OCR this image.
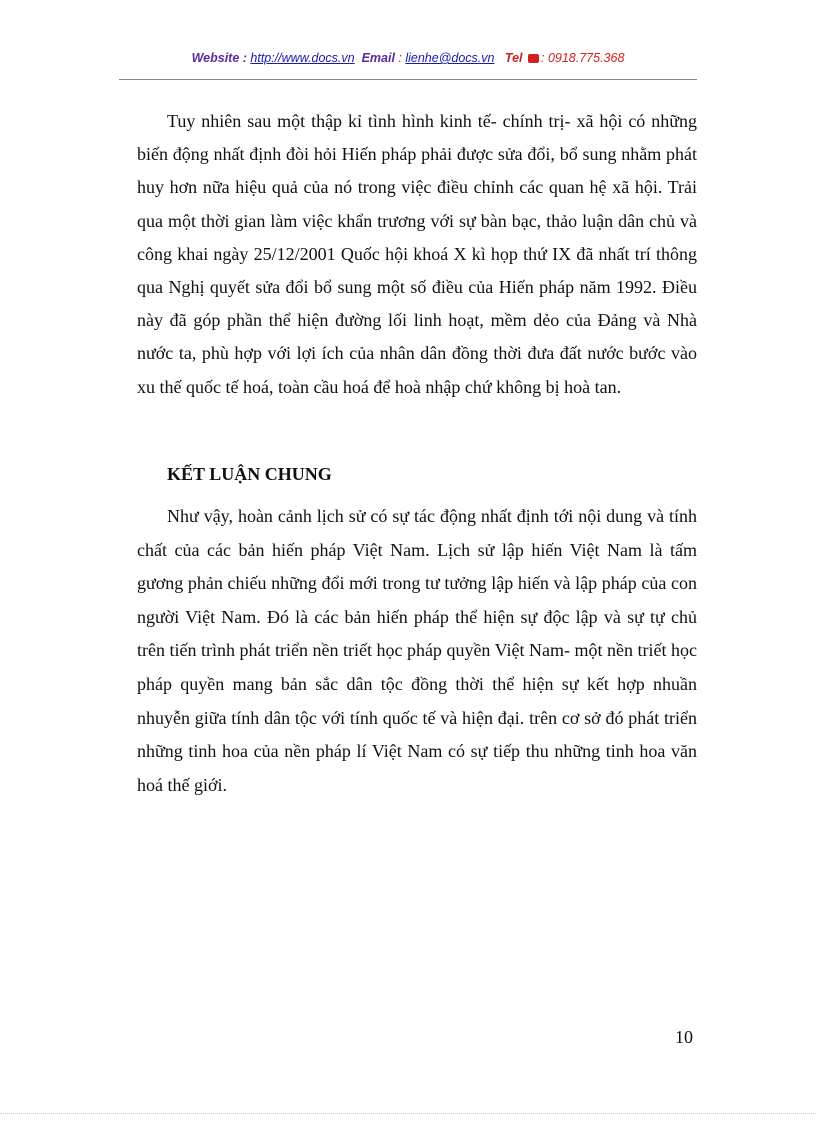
Website : http://www.docs.vn Email : lienhe@docs.vn Tel : 0918.775.368

Tuy nhiên sau một thập kỉ tình hình kinh tế- chính trị- xã hội có những biến động nhất định đòi hỏi Hiến pháp phải được sửa đổi, bổ sung nhằm phát huy hơn nữa hiệu quả của nó trong việc điều chỉnh các quan hệ xã hội. Trải qua một thời gian làm việc khẩn trương với sự bàn bạc, thảo luận dân chủ và công khai ngày 25/12/2001 Quốc hội khoá X kì họp thứ IX đã nhất trí thông qua Nghị quyết sửa đổi bổ sung một số điều của Hiến pháp năm 1992. Điều này đã góp phần thể hiện đường lối linh hoạt, mềm dẻo của Đảng và Nhà nước ta, phù hợp với lợi ích của nhân dân đồng thời đưa đất nước bước vào xu thế quốc tế hoá, toàn cầu hoá để hoà nhập chứ không bị hoà tan.

KẾT LUẬN CHUNG

Như vậy, hoàn cảnh lịch sử có sự tác động nhất định tới nội dung và tính chất của các bản hiến pháp Việt Nam. Lịch sử lập hiến Việt Nam là tấm gương phản chiếu những đổi mới trong tư tưởng lập hiến và lập pháp của con người Việt Nam. Đó là các bản hiến pháp thể hiện sự độc lập và sự tự chủ trên tiến trình phát triển nền triết học pháp quyền Việt Nam- một nền triết học pháp quyền mang bản sắc dân tộc đồng thời thể hiện sự kết hợp nhuần nhuyễn giữa tính dân tộc với tính quốc tế và hiện đại. trên cơ sở đó phát triển những tinh hoa của nền pháp lí Việt Nam có sự tiếp thu những tinh hoa văn hoá thế giới.

10
